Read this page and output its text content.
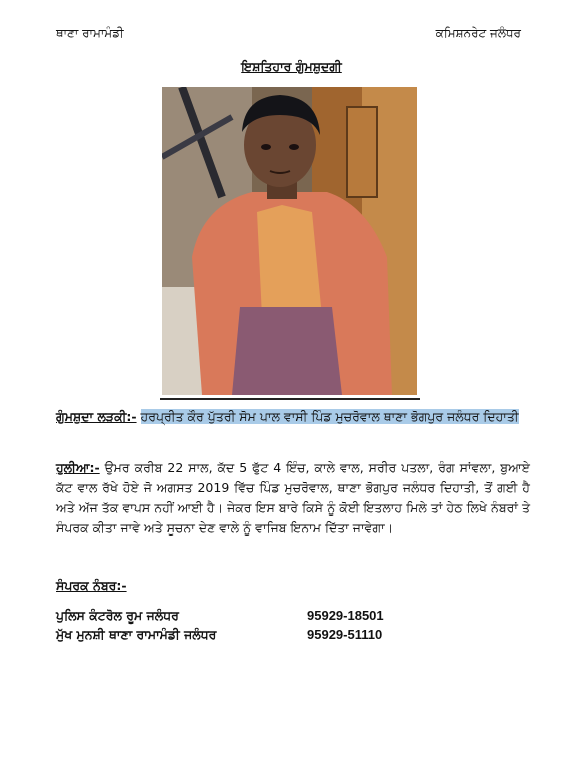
ਥਾਣਾ ਰਾਮਾਮੰਡੀ	ਕਮਿਸ਼ਨਰੇਟ ਜਲੰਧਰ
ਇਸ਼ਤਿਹਾਰ ਗੁੰਮਸ਼ੁਦਗੀ
ਗੁੰਮਸ਼ੁਦਾ ਲੜਕੀ:- ਹਰਪ੍ਰੀਤ ਕੌਰ ਪੁੱਤਰੀ ਸੋਮ ਪਾਲ ਵਾਸੀ ਪਿੰਡ ਮੁਚਰੋਵਾਲ ਥਾਣਾ ਭੋਗਪੁਰ ਜਲੰਧਰ ਦਿਹਾਤੀ
ਹੁਲੀਆ:- ਉਮਰ ਕਰੀਬ 22 ਸਾਲ, ਕੱਦ 5 ਫੁੱਟ 4 ਇੰਚ, ਕਾਲੇ ਵਾਲ, ਸਰੀਰ ਪਤਲਾ, ਰੰਗ ਸਾਂਵਲਾ, ਬੁਆਏ ਕੱਟ ਵਾਲ ਰੱਖੇ ਹੋਏ ਜੋ ਅਗਸਤ 2019 ਵਿੱਚ ਪਿੰਡ ਮੁਚਰੋਵਾਲ, ਥਾਣਾ ਭੋਗਪੁਰ ਜਲੰਧਰ ਦਿਹਾਤੀ, ਤੋਂ ਗਈ ਹੈ ਅਤੇ ਅੱਜ ਤੱਕ ਵਾਪਸ ਨਹੀਂ ਆਈ ਹੈ। ਜੇਕਰ ਇਸ ਬਾਰੇ ਕਿਸੇ ਨੂੰ ਕੋਈ ਇਤਲਾਹ ਮਿਲੇ ਤਾਂ ਹੇਠ ਲਿਖੇ ਨੰਬਰਾਂ ਤੇ ਸੰਪਰਕ ਕੀਤਾ ਜਾਵੇ ਅਤੇ ਸੂਚਨਾ ਦੇਣ ਵਾਲੇ ਨੂੰ ਵਾਜਿਬ ਇਨਾਮ ਦਿੱਤਾ ਜਾਵੇਗਾ।
ਸੰਪਰਕ ਨੰਬਰ:-
ਪੁਲਿਸ ਕੰਟਰੋਲ ਰੂਮ ਜਲੰਧਰ	95929-18501
ਮੁੱਖ ਮੁਨਸ਼ੀ ਥਾਣਾ ਰਾਮਾਮੰਡੀ ਜਲੰਧਰ	95929-51110
